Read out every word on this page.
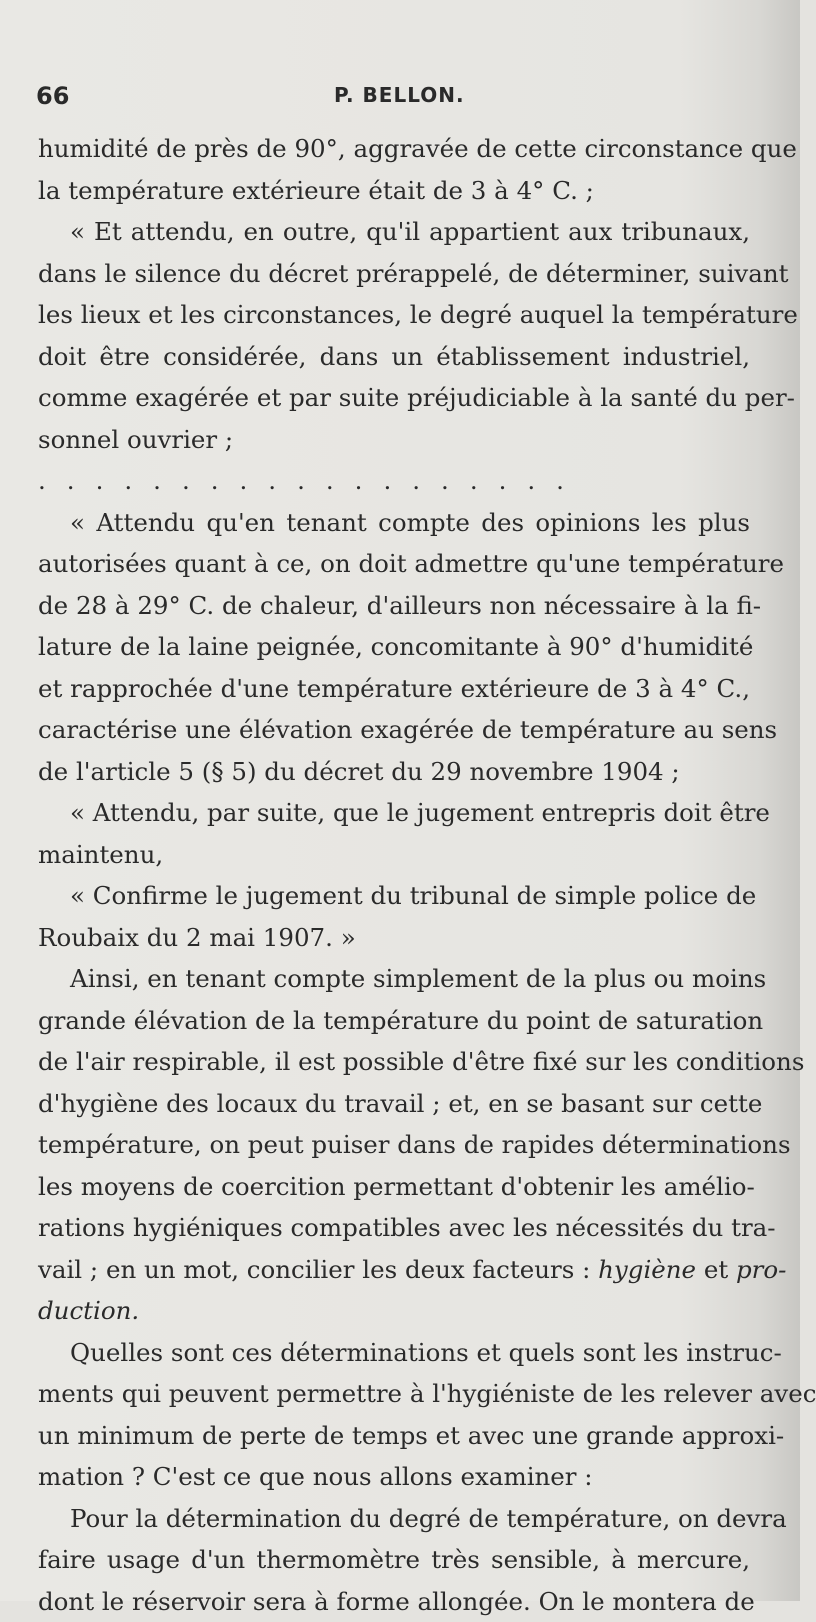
66	P. BELLON.
humidité de près de 90°, aggravée de cette circonstance que
la température extérieure était de 3 à 4° C. ;
« Et attendu, en outre, qu'il appartient aux tribunaux,
dans le silence du décret prérappelé, de déterminer, suivant
les lieux et les circonstances, le degré auquel la température
doit être considérée, dans un établissement industriel,
comme exagérée et par suite préjudiciable à la santé du per-
sonnel ouvrier ;
...................
« Attendu qu'en tenant compte des opinions les plus
autorisées quant à ce, on doit admettre qu'une température
de 28 à 29° C. de chaleur, d'ailleurs non nécessaire à la fi-
lature de la laine peignée, concomitante à 90° d'humidité
et rapprochée d'une température extérieure de 3 à 4° C.,
caractérise une élévation exagérée de température au sens
de l'article 5 (§ 5) du décret du 29 novembre 1904 ;
« Attendu, par suite, que le jugement entrepris doit être
maintenu,
« Confirme le jugement du tribunal de simple police de
Roubaix du 2 mai 1907. »
Ainsi, en tenant compte simplement de la plus ou moins
grande élévation de la température du point de saturation
de l'air respirable, il est possible d'être fixé sur les conditions
d'hygiène des locaux du travail ; et, en se basant sur cette
température, on peut puiser dans de rapides déterminations
les moyens de coercition permettant d'obtenir les amélio-
rations hygiéniques compatibles avec les nécessités du tra-
vail ; en un mot, concilier les deux facteurs : hygiène et pro-
duction.
Quelles sont ces déterminations et quels sont les instruc-
ments qui peuvent permettre à l'hygiéniste de les relever avec
un minimum de perte de temps et avec une grande approxi-
mation ? C'est ce que nous allons examiner :
Pour la détermination du degré de température, on devra
faire usage d'un thermomètre très sensible, à mercure,
dont le réservoir sera à forme allongée. On le montera de
